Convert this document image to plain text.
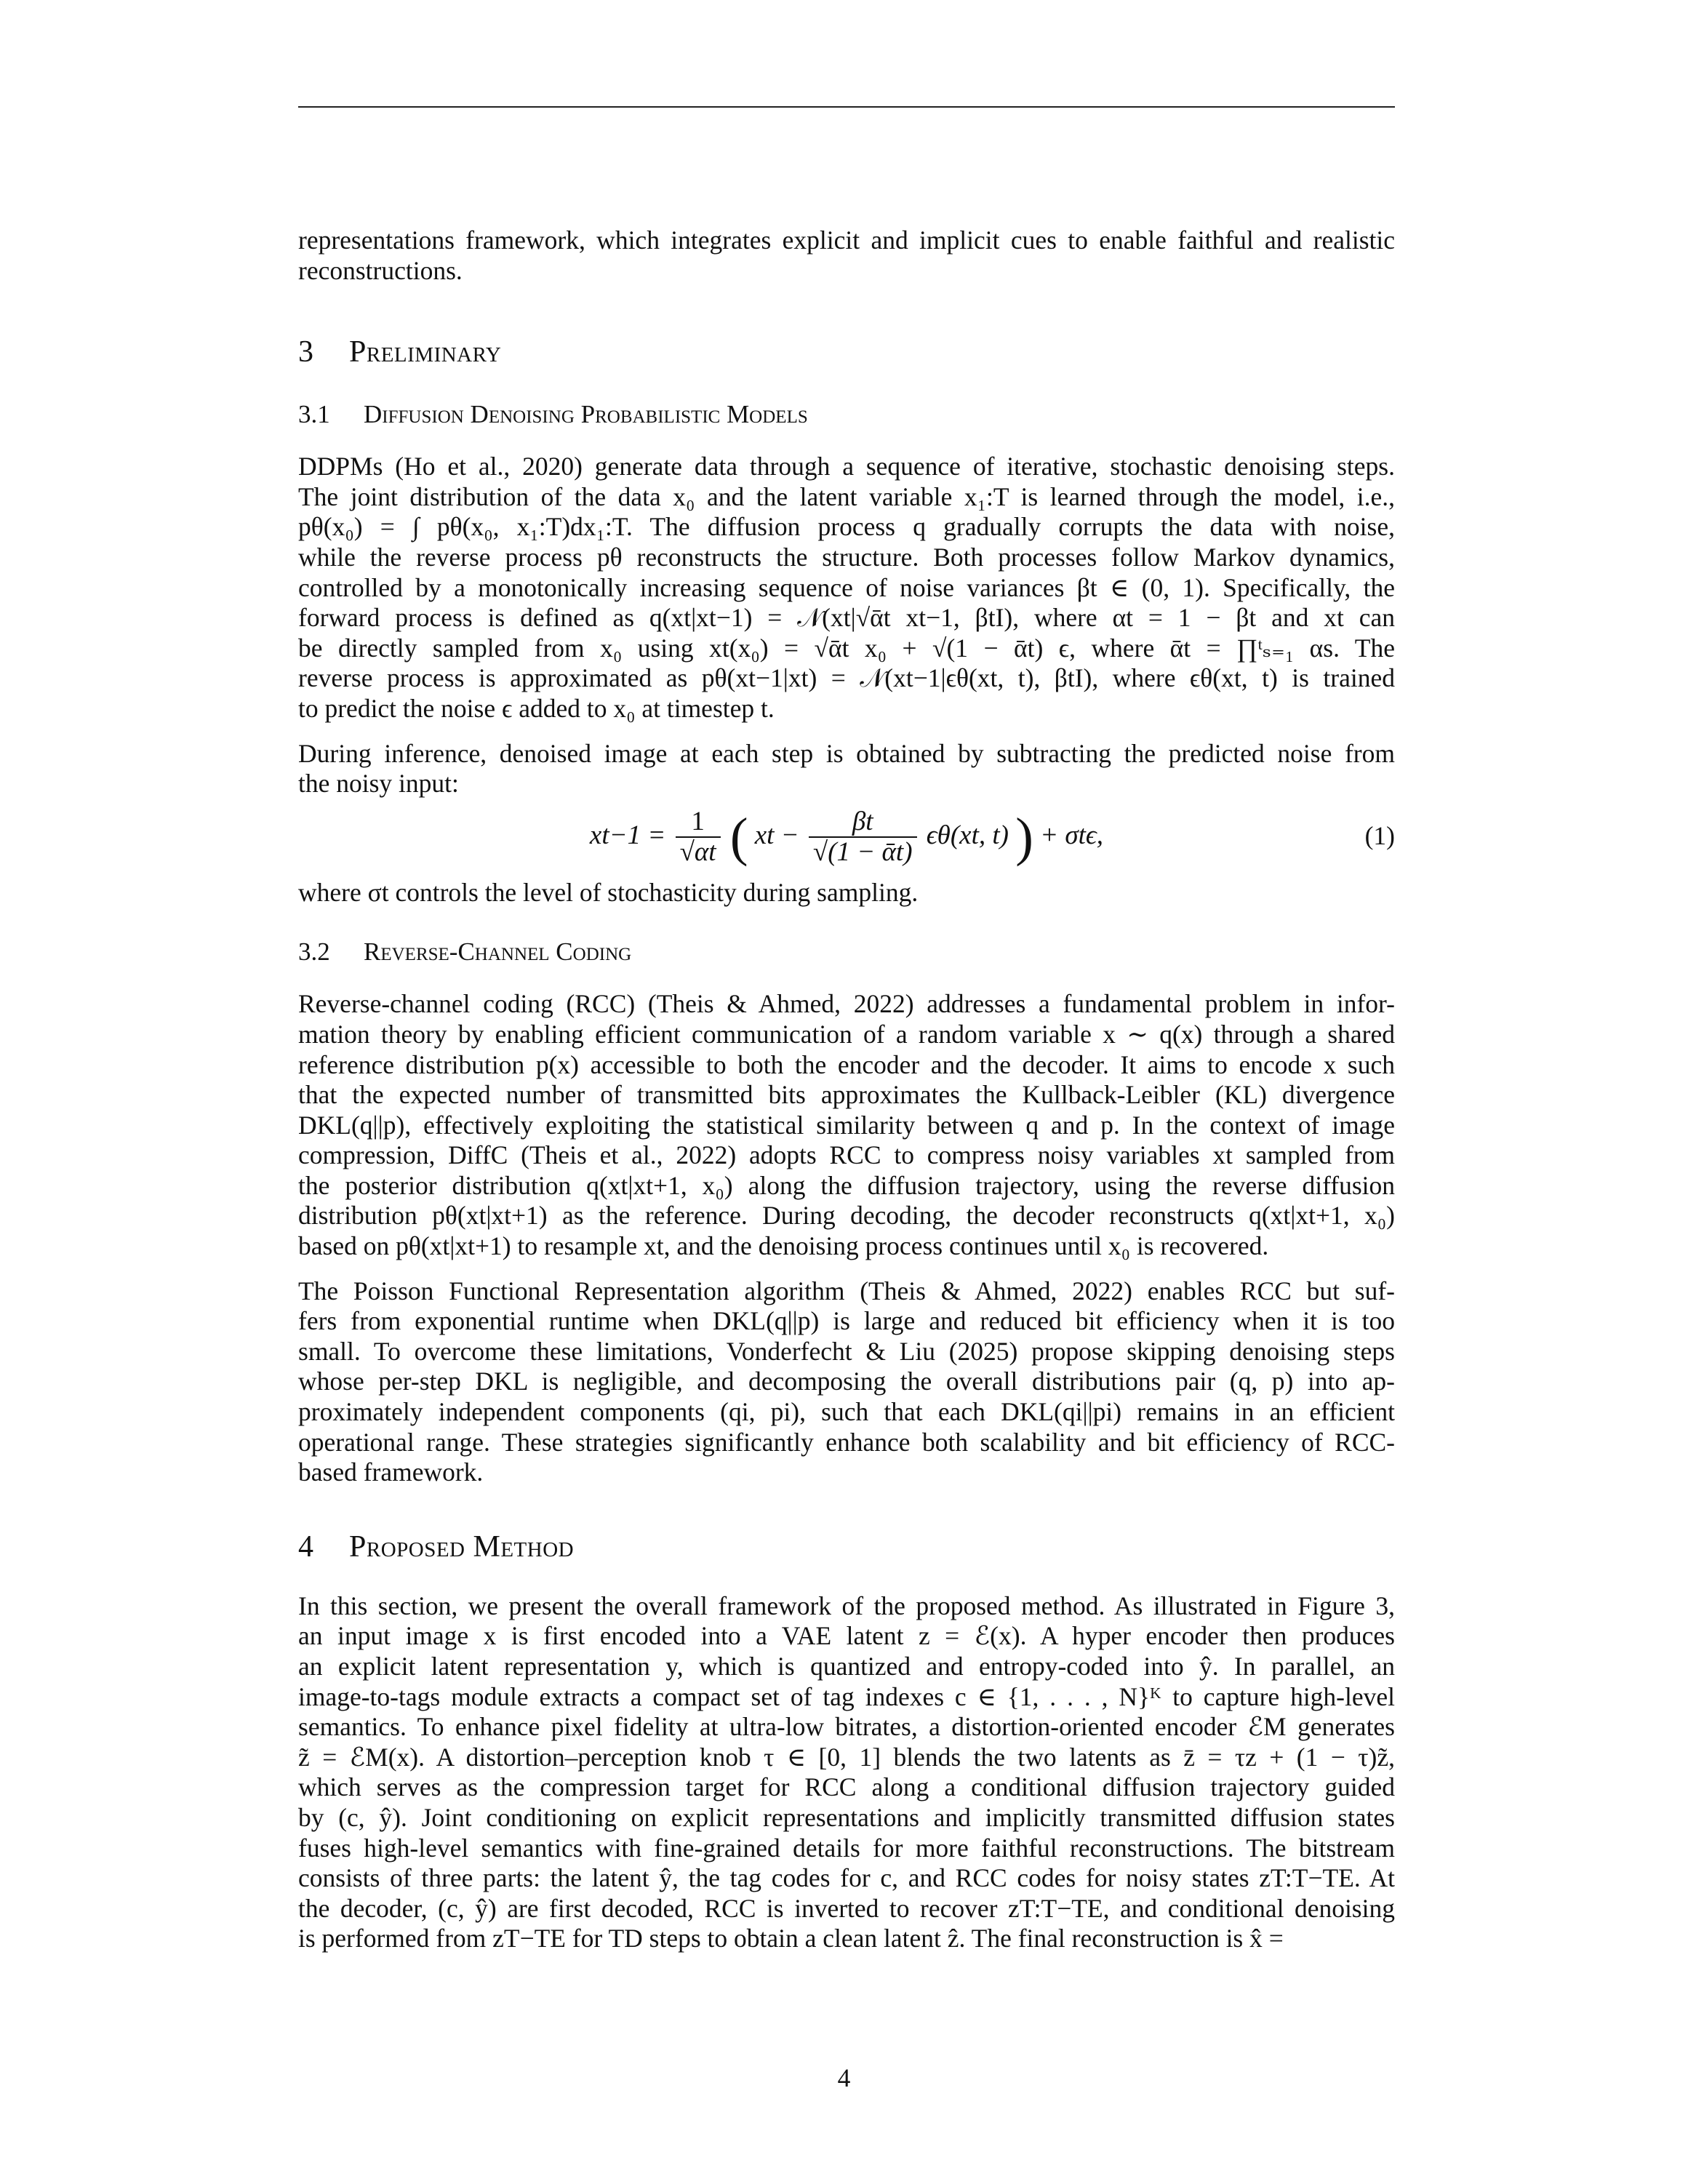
representations framework, which integrates explicit and implicit cues to enable faithful and realistic
reconstructions.

3 Preliminary
3.1 Diffusion Denoising Probabilistic Models

DDPMs (Ho et al., 2020) generate data through a sequence of iterative, stochastic denoising steps.
The joint distribution of the data x₀ and the latent variable x₁:T is learned through the model, i.e.,
pθ(x₀) = ∫ pθ(x₀, x₁:T)dx₁:T. The diffusion process q gradually corrupts the data with noise,
while the reverse process pθ reconstructs the structure. Both processes follow Markov dynamics,
controlled by a monotonically increasing sequence of noise variances βt ∈ (0, 1). Specifically, the
forward process is defined as q(xt|xt−1) = 𝒩(xt|√ᾱt xt−1, βtI), where αt = 1 − βt and xt can
be directly sampled from x₀ using xt(x₀) = √ᾱt x₀ + √(1 − ᾱt) ϵ, where ᾱt = ∏ᵗₛ₌₁ αs. The
reverse process is approximated as pθ(xt−1|xt) = 𝒩(xt−1|ϵθ(xt, t), βtI), where ϵθ(xt, t) is trained
to predict the noise ϵ added to x₀ at timestep t.

During inference, denoised image at each step is obtained by subtracting the predicted noise from
the noisy input:

$xt-1 = \frac{1}{√\alpha t}$ ( xt − $\frac{\beta t}{\text{√(1 − ᾱt)}} \epsilon\theta(xt$, t) ) + σtϵ,	(1)

where σt controls the level of stochasticity during sampling.

3.2 Reverse-Channel Coding

Reverse-channel coding (RCC) (Theis & Ahmed, 2022) addresses a fundamental problem in infor-
mation theory by enabling efficient communication of a random variable x ∼ q(x) through a shared
reference distribution p(x) accessible to both the encoder and the decoder. It aims to encode x such
that the expected number of transmitted bits approximates the Kullback-Leibler (KL) divergence
DKL(q||p), effectively exploiting the statistical similarity between q and p. In the context of image
compression, DiffC (Theis et al., 2022) adopts RCC to compress noisy variables xt sampled from
the posterior distribution q(xt|xt+1, x₀) along the diffusion trajectory, using the reverse diffusion
distribution pθ(xt|xt+1) as the reference. During decoding, the decoder reconstructs q(xt|xt+1, x₀)
based on pθ(xt|xt+1) to resample xt, and the denoising process continues until x₀ is recovered.

The Poisson Functional Representation algorithm (Theis & Ahmed, 2022) enables RCC but suf-
fers from exponential runtime when DKL(q||p) is large and reduced bit efficiency when it is too
small. To overcome these limitations, Vonderfecht & Liu (2025) propose skipping denoising steps
whose per-step DKL is negligible, and decomposing the overall distributions pair (q, p) into ap-
proximately independent components (qi, pi), such that each DKL(qi||pi) remains in an efficient
operational range. These strategies significantly enhance both scalability and bit efficiency of RCC-
based framework.

4 Proposed Method

In this section, we present the overall framework of the proposed method. As illustrated in Figure 3,
an input image x is first encoded into a VAE latent z = ℰ(x). A hyper encoder then produces
an explicit latent representation y, which is quantized and entropy-coded into ŷ. In parallel, an
image-to-tags module extracts a compact set of tag indexes c ∈ {1, . . . , N}ᴷ to capture high-level
semantics. To enhance pixel fidelity at ultra-low bitrates, a distortion-oriented encoder ℰM generates
z̃ = ℰM(x). A distortion–perception knob τ ∈ [0, 1] blends the two latents as z̄ = τz + (1 − τ)z̃,
which serves as the compression target for RCC along a conditional diffusion trajectory guided
by (c, ŷ). Joint conditioning on explicit representations and implicitly transmitted diffusion states
fuses high-level semantics with fine-grained details for more faithful reconstructions. The bitstream
consists of three parts: the latent ŷ, the tag codes for c, and RCC codes for noisy states zT:T−TE. At
the decoder, (c, ŷ) are first decoded, RCC is inverted to recover zT:T−TE, and conditional denoising
is performed from zT−TE for TD steps to obtain a clean latent ẑ. The final reconstruction is x̂ =

4
